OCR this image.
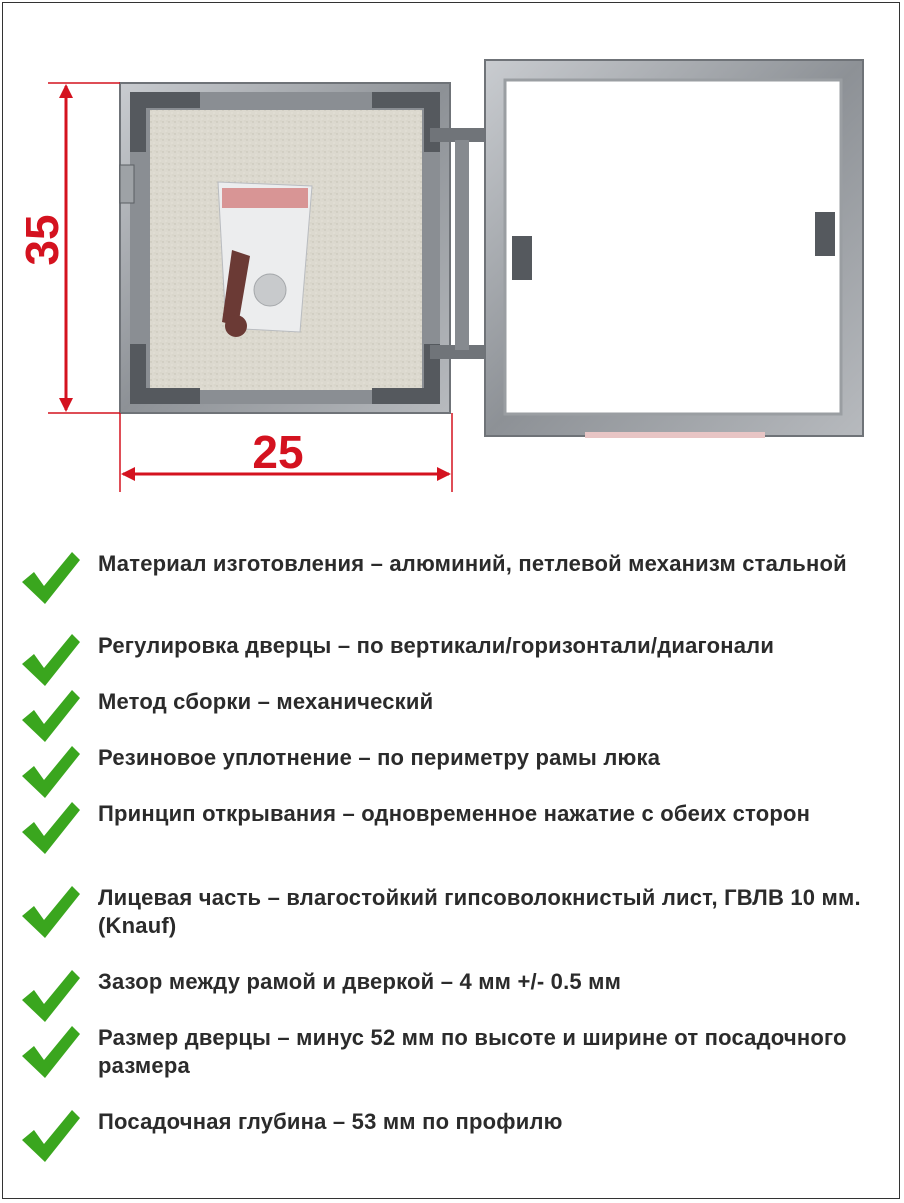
35
25
Материал изготовления – алюминий, петлевой механизм стальной
Регулировка дверцы – по вертикали/горизонтали/диагонали
Метод сборки – механический
Резиновое уплотнение – по периметру рамы люка
Принцип открывания – одновременное нажатие с обеих сторон
Лицевая часть – влагостойкий гипсоволокнистый лист, ГВЛВ 10 мм. (Knauf)
Зазор между рамой и дверкой – 4 мм +/- 0.5 мм
Размер дверцы – минус 52 мм по высоте и ширине от посадочного размера
Посадочная глубина – 53 мм по профилю
